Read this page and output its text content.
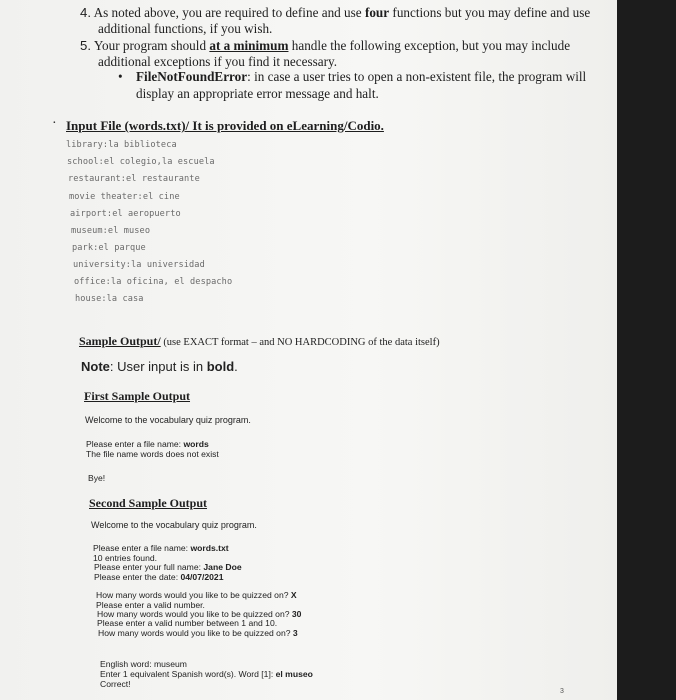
4. As noted above, you are required to define and use four functions but you may define and use
additional functions, if you wish.
5. Your program should at a minimum handle the following exception, but you may include
additional exceptions if you find it necessary.
• FileNotFoundError: in case a user tries to open a non-existent file, the program will
display an appropriate error message and halt.
· Input File (words.txt)/ It is provided on eLearning/Codio.
library:la biblioteca
school:el colegio,la escuela
restaurant:el restaurante
movie theater:el cine
airport:el aeropuerto
museum:el museo
park:el parque
university:la universidad
office:la oficina, el despacho
house:la casa
Sample Output/ (use EXACT format – and NO HARDCODING of the data itself)
Note: User input is in bold.
First Sample Output
Welcome to the vocabulary quiz program.
Please enter a file name: words
The file name words does not exist
Bye!
Second Sample Output
Welcome to the vocabulary quiz program.
Please enter a file name: words.txt
10 entries found.
Please enter your full name: Jane Doe
Please enter the date: 04/07/2021
How many words would you like to be quizzed on? X
Please enter a valid number.
How many words would you like to be quizzed on? 30
Please enter a valid number between 1 and 10.
How many words would you like to be quizzed on? 3
English word: museum
Enter 1 equivalent Spanish word(s). Word [1]: el museo
Correct!
3
